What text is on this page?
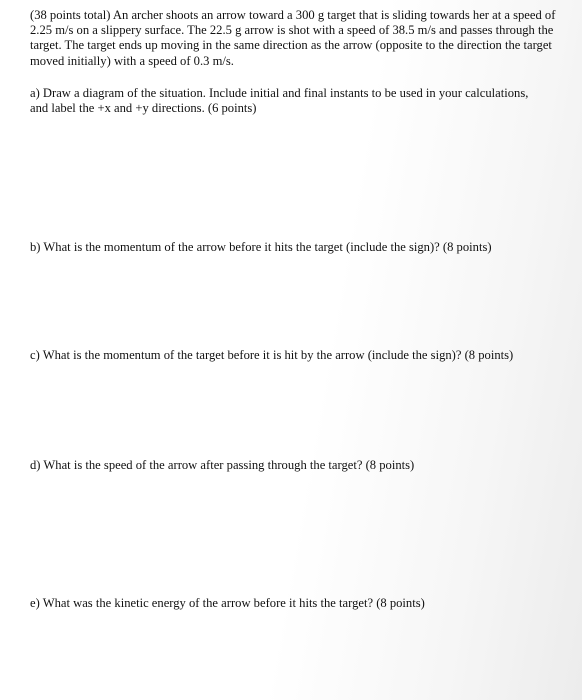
(38 points total) An archer shoots an arrow toward a 300 g target that is sliding towards her at a speed of 2.25 m/s on a slippery surface. The 22.5 g arrow is shot with a speed of 38.5 m/s and passes through the target. The target ends up moving in the same direction as the arrow (opposite to the direction the target moved initially) with a speed of 0.3 m/s.

a) Draw a diagram of the situation. Include initial and final instants to be used in your calculations, and label the +x and +y directions. (6 points)

b) What is the momentum of the arrow before it hits the target (include the sign)? (8 points)

c) What is the momentum of the target before it is hit by the arrow (include the sign)? (8 points)

d) What is the speed of the arrow after passing through the target? (8 points)

e) What was the kinetic energy of the arrow before it hits the target? (8 points)
